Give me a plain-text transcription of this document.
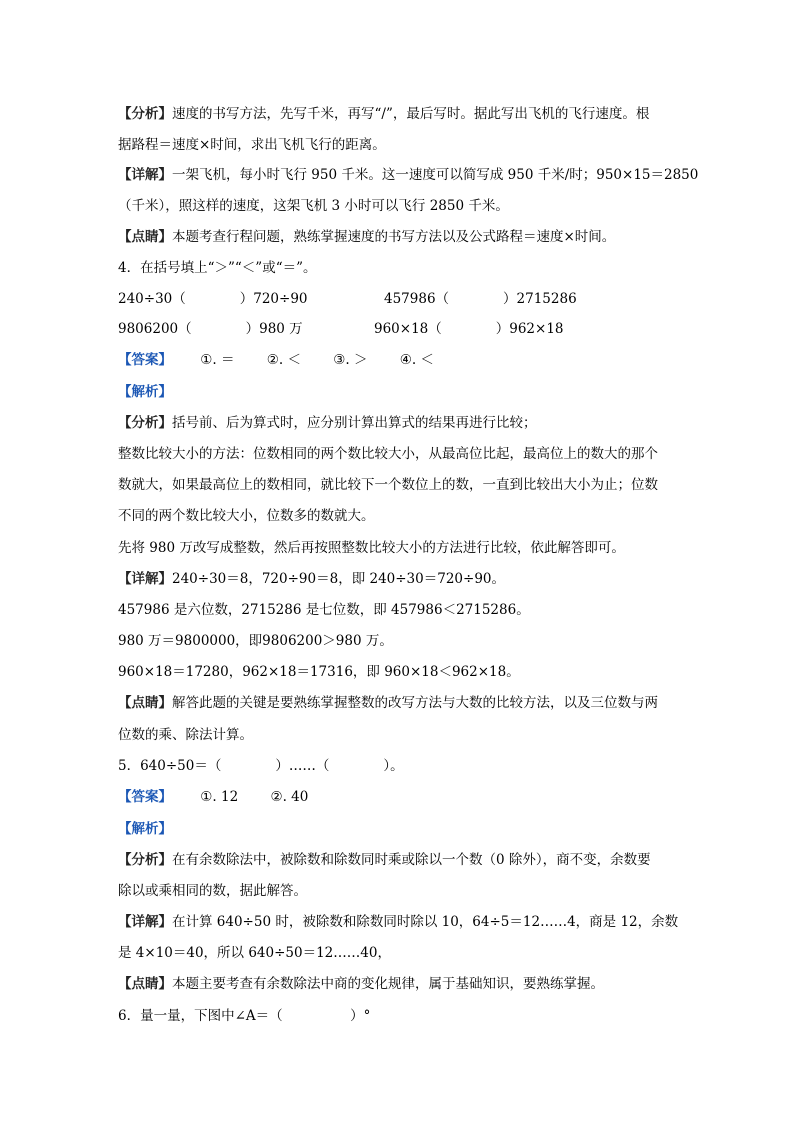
【分析】速度的书写方法，先写千米，再写“/”，最后写时。据此写出飞机的飞行速度。根
据路程＝速度×时间，求出飞机飞行的距离。
【详解】一架飞机，每小时飞行 950 千米。这一速度可以简写成 950 千米/时；950×15＝2850
（千米），照这样的速度，这架飞机 3 小时可以飞行 2850 千米。
【点睛】本题考查行程问题，熟练掌握速度的书写方法以及公式路程＝速度×时间。
4．在括号填上“＞”“＜”或“＝”。
240÷30（　　　　）720÷90	457986（　　　　）2715286
9806200（　　　　）980 万	960×18（　　　　）962×18
【答案】 ①. ＝ ②. ＜ ③. ＞ ④. ＜
【解析】
【分析】括号前、后为算式时，应分别计算出算式的结果再进行比较；
整数比较大小的方法：位数相同的两个数比较大小，从最高位比起，最高位上的数大的那个
数就大，如果最高位上的数相同，就比较下一个数位上的数，一直到比较出大小为止；位数
不同的两个数比较大小，位数多的数就大。
先将 980 万改写成整数，然后再按照整数比较大小的方法进行比较，依此解答即可。
【详解】240÷30＝8，720÷90＝8，即 240÷30＝720÷90。
457986 是六位数，2715286 是七位数，即 457986＜2715286。
980 万＝9800000，即9806200＞980 万。
960×18＝17280，962×18＝17316，即 960×18＜962×18。
【点睛】解答此题的关键是要熟练掌握整数的改写方法与大数的比较方法，以及三位数与两
位数的乘、除法计算。
5．640÷50＝（　　　　）……（　　　　）。
【答案】 ①. 12 ②. 40
【解析】
【分析】在有余数除法中，被除数和除数同时乘或除以一个数（0 除外），商不变，余数要
除以或乘相同的数，据此解答。
【详解】在计算 640÷50 时，被除数和除数同时除以 10，64÷5＝12……4，商是 12，余数
是 4×10＝40，所以 640÷50＝12……40，
【点睛】本题主要考查有余数除法中商的变化规律，属于基础知识，要熟练掌握。
6．量一量，下图中∠A＝（　　　　　）°
